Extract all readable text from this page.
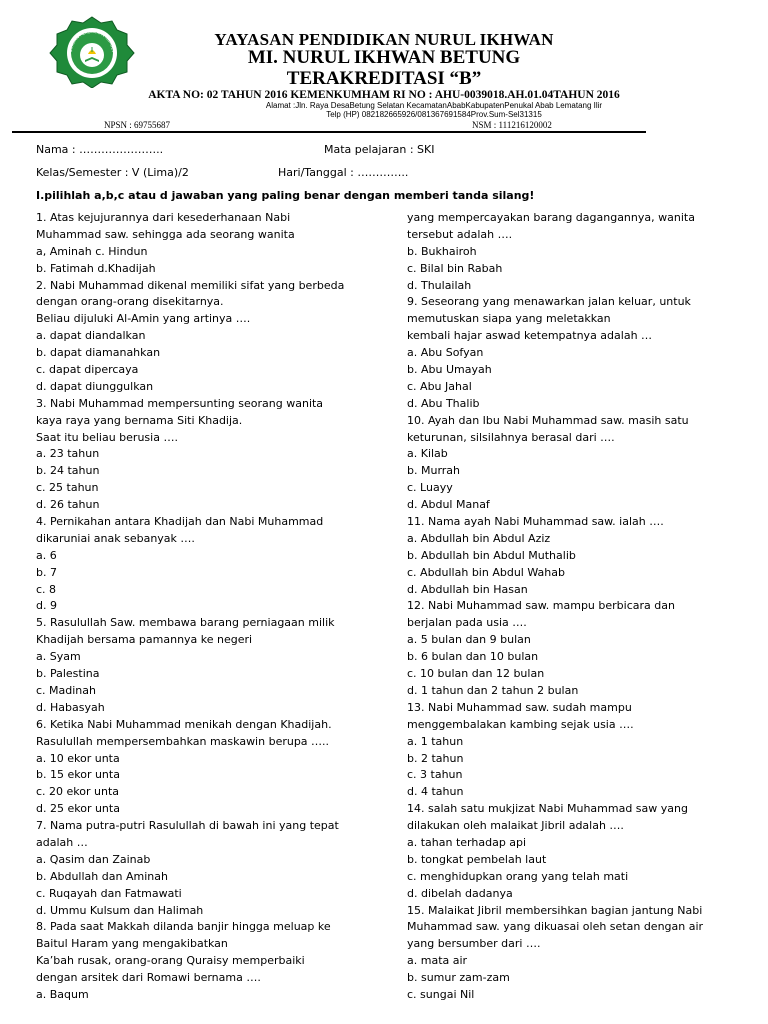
YAYASAN PENDIDIKAN NURUL I
YAYASAN PENDIDIKAN NURUL IKHWAN
MI. NURUL IKHWAN BETUNG
TERAKREDITASI “B”
AKTA NO: 02 TAHUN 2016 KEMENKUMHAM RI NO : AHU-0039018.AH.01.04TAHUN 2016
Alamat :Jln. Raya DesaBetung Selatan KecamatanAbabKabupatenPenukal Abab Lematang Ilir
Telp (HP) 082182665926/081367691584Prov.Sum-Sel31315
NPSN : 69755687	NSM : 111216120002
Nama : …………………..	Mata pelajaran : SKI
Kelas/Semester : V (Lima)/2	Hari/Tanggal : …………..
I.pilihlah a,b,c atau d jawaban yang paling benar dengan memberi tanda silang!
1. Atas kejujurannya dari kesederhanaan Nabi
Muhammad saw. sehingga ada seorang wanita
a, Aminah c. Hindun
b. Fatimah d.Khadijah
2. Nabi Muhammad dikenal memiliki sifat yang berbeda
dengan orang-orang disekitarnya.
Beliau dijuluki Al-Amin yang artinya ….
a. dapat diandalkan
b. dapat diamanahkan
c. dapat dipercaya
d. dapat diunggulkan
3. Nabi Muhammad mempersunting seorang wanita
kaya raya yang bernama Siti Khadija.
Saat itu beliau berusia ….
a. 23 tahun
b. 24 tahun
c. 25 tahun
d. 26 tahun
4. Pernikahan antara Khadijah dan Nabi Muhammad
dikaruniai anak sebanyak ….
a. 6
b. 7
c. 8
d. 9
5. Rasulullah Saw. membawa barang perniagaan milik
Khadijah bersama pamannya ke negeri
a. Syam
b. Palestina
c. Madinah
d. Habasyah
6. Ketika Nabi Muhammad menikah dengan Khadijah.
Rasulullah mempersembahkan maskawin berupa …..
a. 10 ekor unta
b. 15 ekor unta
c. 20 ekor unta
d. 25 ekor unta
7. Nama putra-putri Rasulullah di bawah ini yang tepat
adalah …
a. Qasim dan Zainab
b. Abdullah dan Aminah
c. Ruqayah dan Fatmawati
d. Ummu Kulsum dan Halimah
8. Pada saat Makkah dilanda banjir hingga meluap ke
Baitul Haram yang mengakibatkan
Ka’bah rusak, orang-orang Quraisy memperbaiki
dengan arsitek dari Romawi bernama ….
a. Baqum
yang mempercayakan barang dagangannya, wanita
tersebut adalah ….
b. Bukhairoh
c. Bilal bin Rabah
d. Thulailah
9. Seseorang yang menawarkan jalan keluar, untuk
memutuskan siapa yang meletakkan
kembali hajar aswad ketempatnya adalah …
a. Abu Sofyan
b. Abu Umayah
c. Abu Jahal
d. Abu Thalib
10. Ayah dan Ibu Nabi Muhammad saw. masih satu
keturunan, silsilahnya berasal dari ….
a. Kilab
b. Murrah
c. Luayy
d. Abdul Manaf
11. Nama ayah Nabi Muhammad saw. ialah ….
a. Abdullah bin Abdul Aziz
b. Abdullah bin Abdul Muthalib
c. Abdullah bin Abdul Wahab
d. Abdullah bin Hasan
12. Nabi Muhammad saw. mampu berbicara dan
berjalan pada usia ….
a. 5 bulan dan 9 bulan
b. 6 bulan dan 10 bulan
c. 10 bulan dan 12 bulan
d. 1 tahun dan 2 tahun 2 bulan
13. Nabi Muhammad saw. sudah mampu
menggembalakan kambing sejak usia ….
a. 1 tahun
b. 2 tahun
c. 3 tahun
d. 4 tahun
14. salah satu mukjizat Nabi Muhammad saw yang
dilakukan oleh malaikat Jibril adalah ….
a. tahan terhadap api
b. tongkat pembelah laut
c. menghidupkan orang yang telah mati
d. dibelah dadanya
15. Malaikat Jibril membersihkan bagian jantung Nabi
Muhammad saw. yang dikuasai oleh setan dengan air
yang bersumber dari ….
a. mata air
b. sumur zam-zam
c. sungai Nil
